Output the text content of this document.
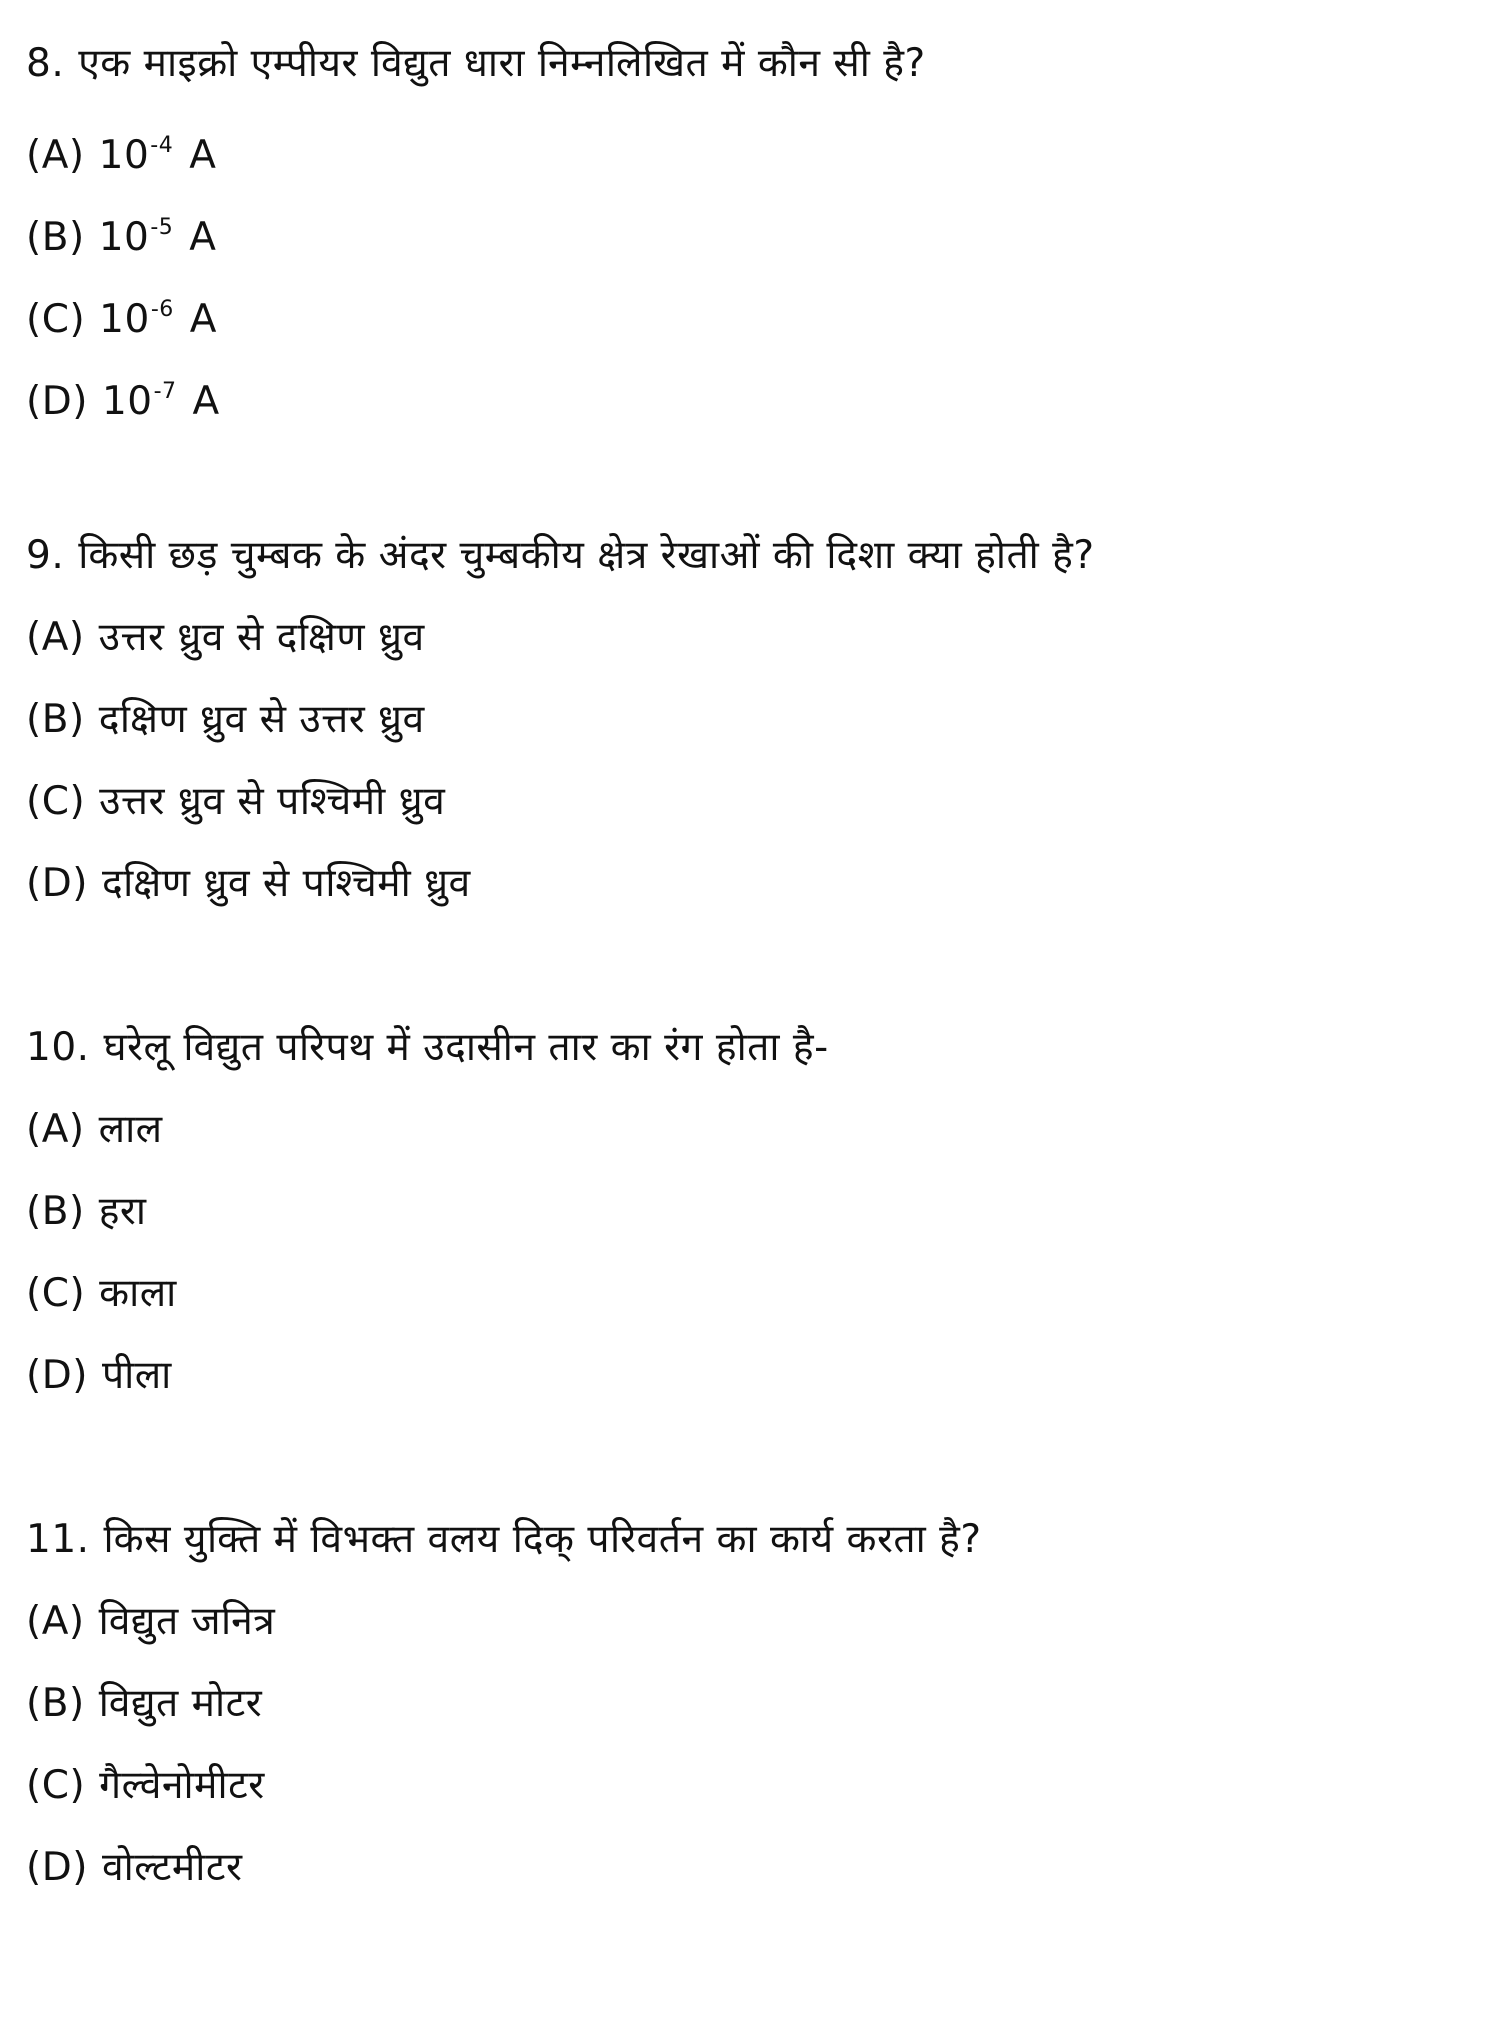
8. एक माइक्रो एम्पीयर विद्युत धारा निम्नलिखित में कौन सी है?
(A) $10^{-4}$ A
(B) $10^{-5}$ A
(C) $10^{-6}$ A
(D) $10^{-7}$ A
9. किसी छड़ चुम्बक के अंदर चुम्बकीय क्षेत्र रेखाओं की दिशा क्या होती है?
(A) उत्तर ध्रुव से दक्षिण ध्रुव
(B) दक्षिण ध्रुव से उत्तर ध्रुव
(C) उत्तर ध्रुव से पश्चिमी ध्रुव
(D) दक्षिण ध्रुव से पश्चिमी ध्रुव
10. घरेलू विद्युत परिपथ में उदासीन तार का रंग होता है-
(A) लाल
(B) हरा
(C) काला
(D) पीला
11. किस युक्ति में विभक्त वलय दिक् परिवर्तन का कार्य करता है?
(A) विद्युत जनित्र
(B) विद्युत मोटर
(C) गैल्वेनोमीटर
(D) वोल्टमीटर
